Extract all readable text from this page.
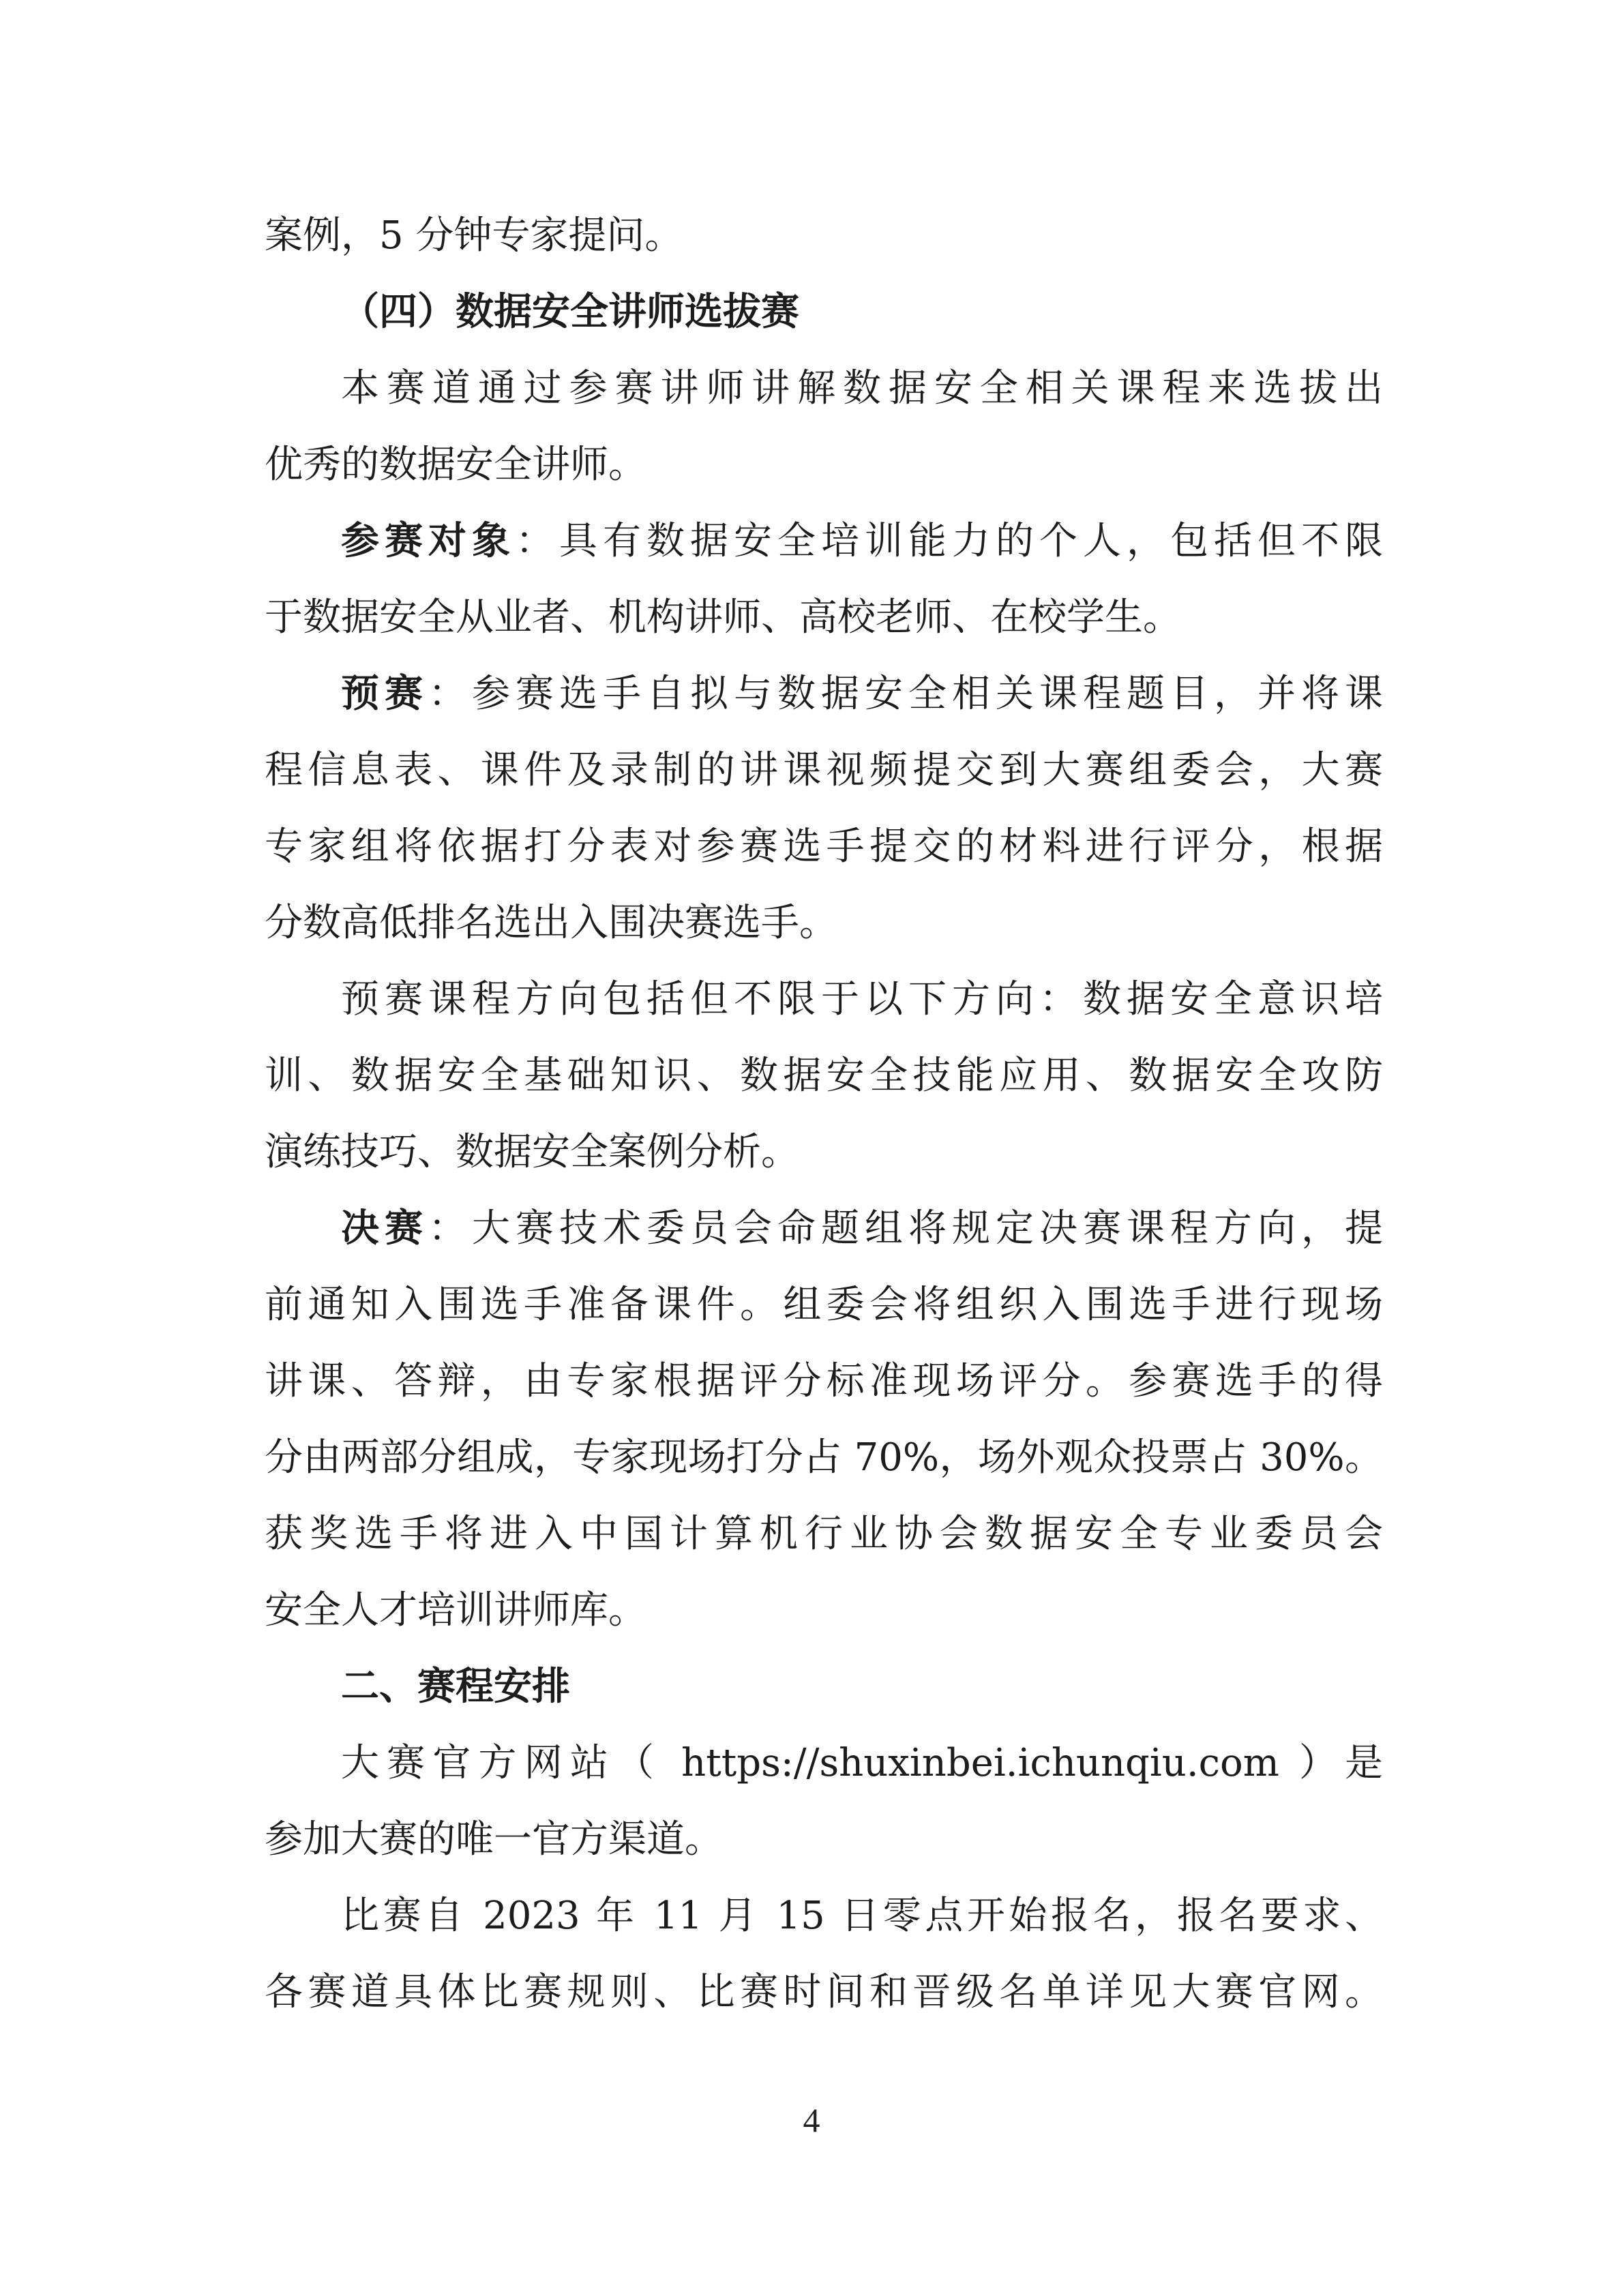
案例，5 分钟专家提问。
（四）数据安全讲师选拔赛
本赛道通过参赛讲师讲解数据安全相关课程来选拔出
优秀的数据安全讲师。
参赛对象：具有数据安全培训能力的个人，包括但不限
于数据安全从业者、机构讲师、高校老师、在校学生。
预赛：参赛选手自拟与数据安全相关课程题目，并将课
程信息表、课件及录制的讲课视频提交到大赛组委会，大赛
专家组将依据打分表对参赛选手提交的材料进行评分，根据
分数高低排名选出入围决赛选手。
预赛课程方向包括但不限于以下方向：数据安全意识培
训、数据安全基础知识、数据安全技能应用、数据安全攻防
演练技巧、数据安全案例分析。
决赛：大赛技术委员会命题组将规定决赛课程方向，提
前通知入围选手准备课件。组委会将组织入围选手进行现场
讲课、答辩，由专家根据评分标准现场评分。参赛选手的得
分由两部分组成，专家现场打分占 70%，场外观众投票占 30%。
获奖选手将进入中国计算机行业协会数据安全专业委员会
安全人才培训讲师库。
二、赛程安排
大赛官方网站（ https://shuxinbei.ichunqiu.com ）是
参加大赛的唯一官方渠道。
比赛自 2023 年 11 月 15 日零点开始报名，报名要求、
各赛道具体比赛规则、比赛时间和晋级名单详见大赛官网。
4
